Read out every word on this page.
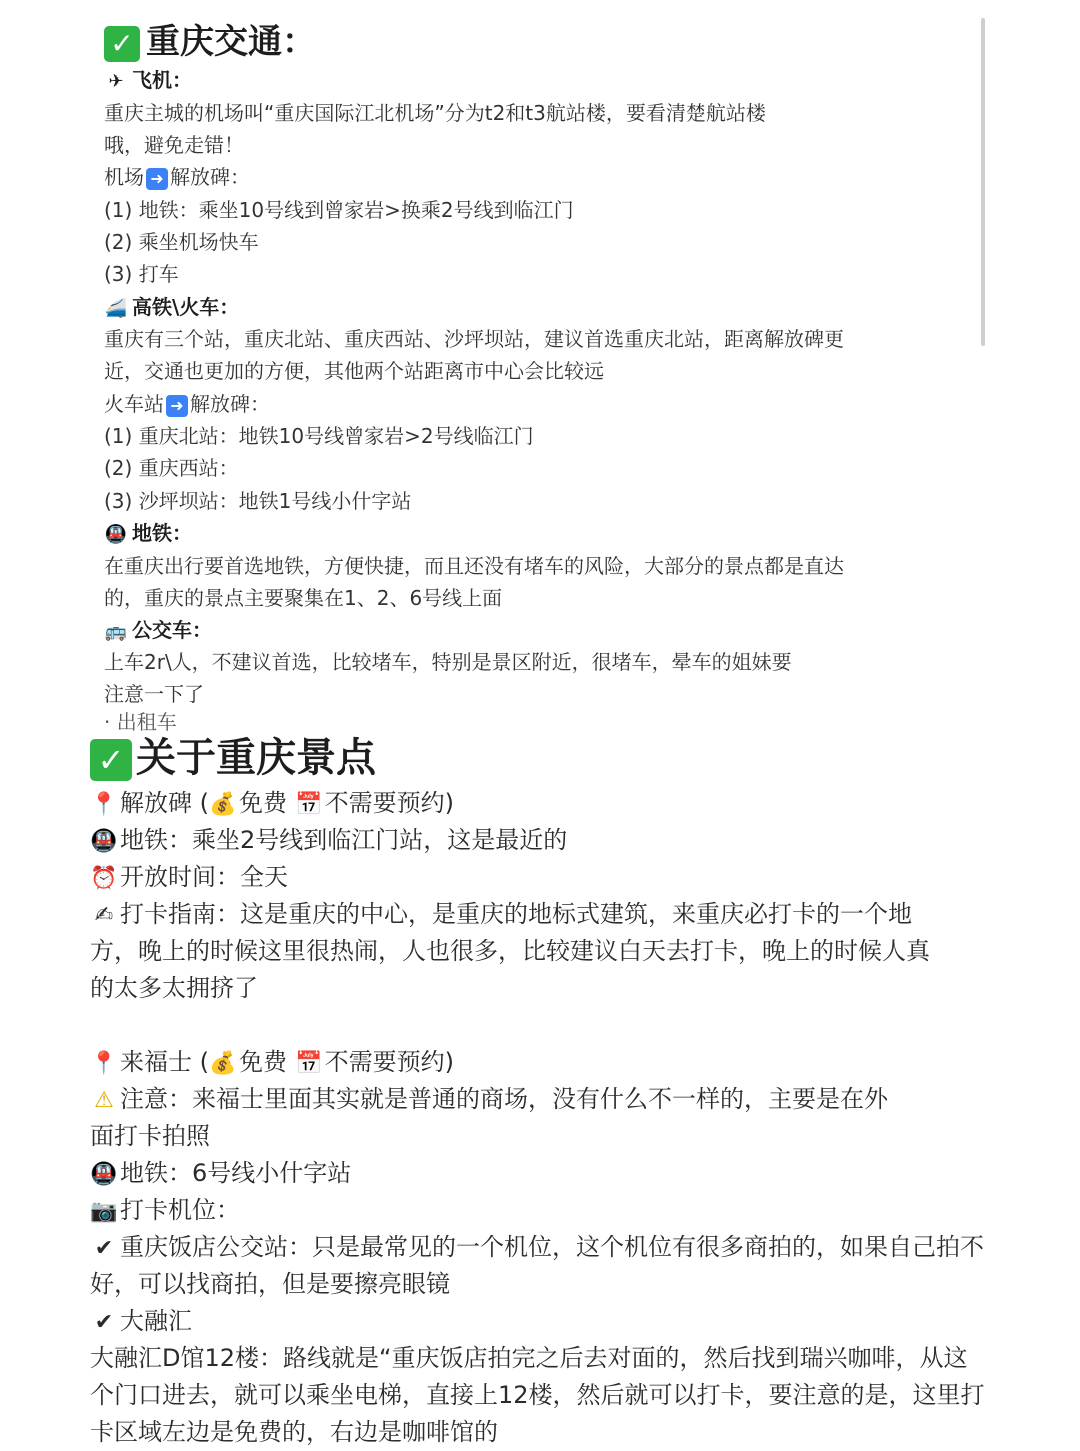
✓ 重庆交通：
✈ 飞机：
重庆主城的机场叫“重庆国际江北机场”分为t2和t3航站楼，要看清楚航站楼
哦，避免走错！
机场 ➜ 解放碑：
(1) 地铁：乘坐10号线到曾家岩>换乘2号线到临江门
(2) 乘坐机场快车
(3) 打车
🚄 高铁\火车：
重庆有三个站，重庆北站、重庆西站、沙坪坝站，建议首选重庆北站，距离解放碑更
近，交通也更加的方便，其他两个站距离市中心会比较远
火车站 ➜ 解放碑：
(1) 重庆北站：地铁10号线曾家岩>2号线临江门
(2) 重庆西站：
(3) 沙坪坝站：地铁1号线小什字站
🚇 地铁：
在重庆出行要首选地铁，方便快捷，而且还没有堵车的风险，大部分的景点都是直达
的，重庆的景点主要聚集在1、2、6号线上面
🚌 公交车：
上车2r\人，不建议首选，比较堵车，特别是景区附近，很堵车，晕车的姐妹要
注意一下了
· 出租车
✓ 关于重庆景点
📍解放碑 (💰免费 📅不需要预约)
🚇地铁：乘坐2号线到临江门站，这是最近的
⏰开放时间：全天
✍ 打卡指南：这是重庆的中心，是重庆的地标式建筑，来重庆必打卡的一个地
方，晚上的时候这里很热闹，人也很多，比较建议白天去打卡，晚上的时候人真
的太多太拥挤了
📍来福士 (💰免费 📅不需要预约)
⚠ 注意：来福士里面其实就是普通的商场，没有什么不一样的，主要是在外
面打卡拍照
🚇地铁：6号线小什字站
📷打卡机位：
✔ 重庆饭店公交站：只是最常见的一个机位，这个机位有很多商拍的，如果自己拍不
好，可以找商拍，但是要擦亮眼镜
✔ 大融汇
大融汇D馆12楼：路线就是“重庆饭店拍完之后去对面的，然后找到瑞兴咖啡，从这
个门口进去，就可以乘坐电梯，直接上12楼，然后就可以打卡，要注意的是，这里打
卡区域左边是免费的，右边是咖啡馆的
